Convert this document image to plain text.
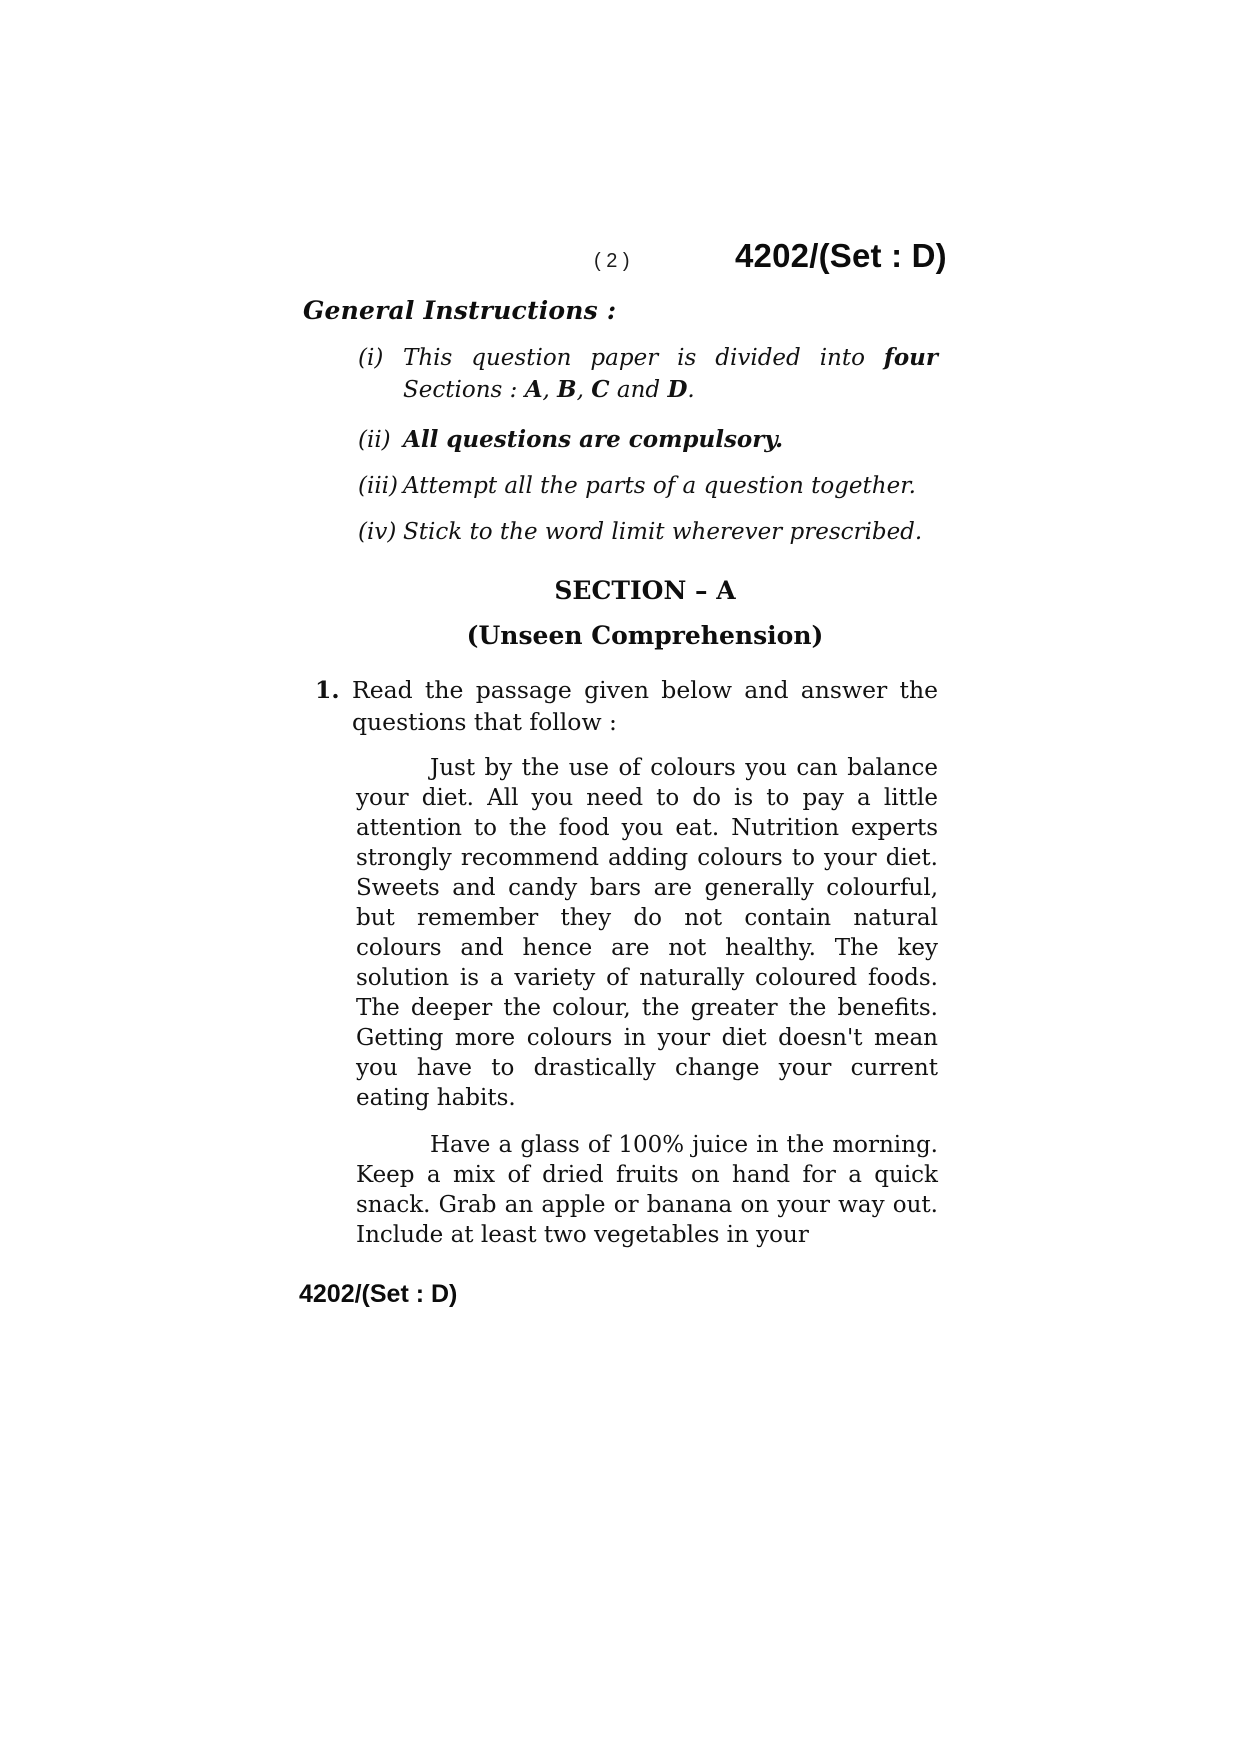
( 2 )	4202/(Set : D)
General Instructions :
(i) This question paper is divided into four Sections : A, B, C and D.
(ii) All questions are compulsory.
(iii) Attempt all the parts of a question together.
(iv) Stick to the word limit wherever prescribed.
SECTION – A
(Unseen Comprehension)
1. Read the passage given below and answer the questions that follow :

Just by the use of colours you can balance your diet. All you need to do is to pay a little attention to the food you eat. Nutrition experts strongly recommend adding colours to your diet. Sweets and candy bars are generally colourful, but remember they do not contain natural colours and hence are not healthy. The key solution is a variety of naturally coloured foods. The deeper the colour, the greater the benefits. Getting more colours in your diet doesn't mean you have to drastically change your current eating habits.

Have a glass of 100% juice in the morning. Keep a mix of dried fruits on hand for a quick snack. Grab an apple or banana on your way out. Include at least two vegetables in your

4202/(Set : D)
